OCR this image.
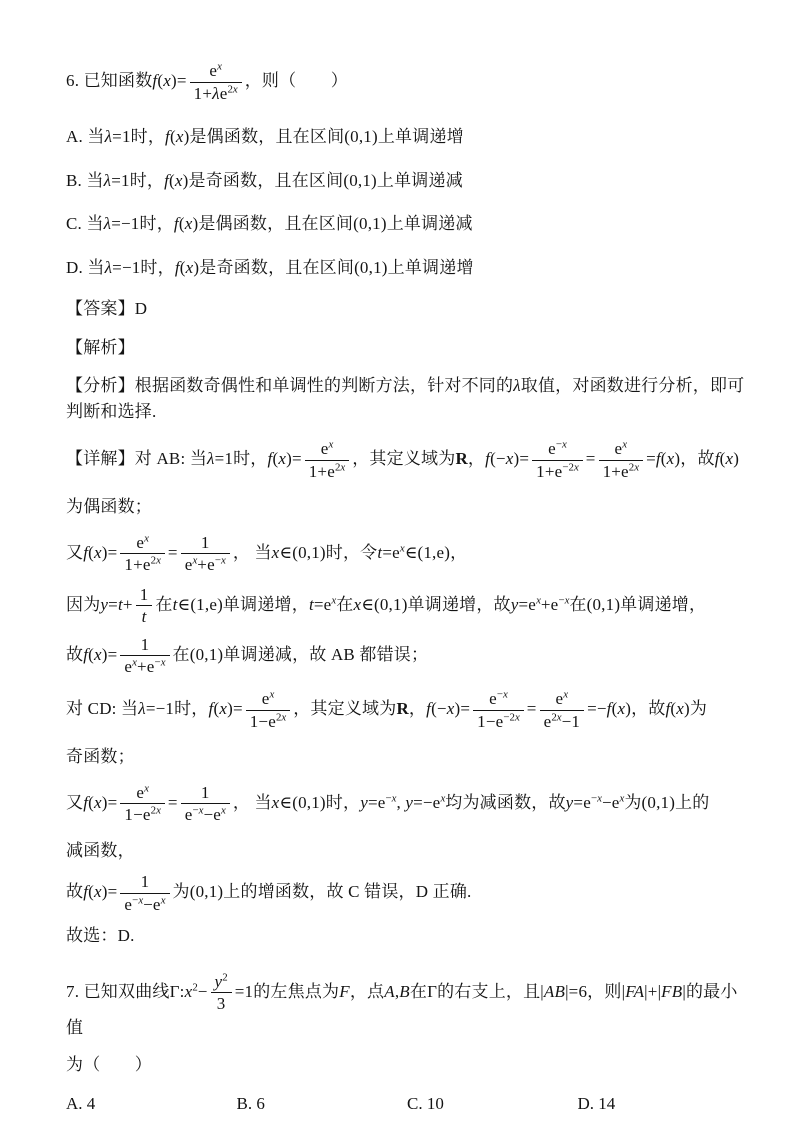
6. 已知函数$f(x)= \frac{e^x}{1+\lambda e^{2x}}$ ，则（　　）

A. 当λ=1时，f(x)是偶函数，且在区间(0,1)上单调递增

B. 当λ=1时，f(x)是奇函数，且在区间(0,1)上单调递减

C. 当λ=−1时，f(x)是偶函数，且在区间(0,1)上单调递减

D. 当λ=−1时，f(x)是奇函数，且在区间(0,1)上单调递增

【答案】D

【解析】

【分析】根据函数奇偶性和单调性的判断方法，针对不同的λ取值，对函数进行分析，即可判断和选择.

【详解】对 AB: 当λ=1时，$f(x)= \frac{e^x}{1+e^{2x}}$ ，其定义域为R，$f(-x)= \frac{e^{-x}}{1+e^{-2x}} = \frac{e^x}{1+e^{2x}} =f(x)$，故f(x)

为偶函数；

又$f(x)= \frac{e^x}{1+e^{2x}} = \frac{1}{e^x+e^{-x}}$ ， 当x∈(0,1)时，令$t=e^x\in(1,e)$，

因为$y=t+ \frac{1}{t}$ 在t∈(1,e)单调递增，$t=e^x$在x∈(0,1)单调递增，故$y=e^x+e^{-x}$在(0,1)单调递增，

故$f(x)= \frac{1}{e^x+e^{-x}}$ 在(0,1)单调递减，故 AB 都错误；

对 CD: 当λ=−1时，$f(x)= \frac{e^x}{1-e^{2x}}$ ，其定义域为R，$f(-x)= \frac{e^{-x}}{1-e^{-2x}} = \frac{e^x}{e^{2x}-1} =-f(x)$，故f(x)为

奇函数；

又$f(x)= \frac{e^x}{1-e^{2x}} = \frac{1}{e^{-x}-e^x}$ ， 当x∈(0,1)时，$y=e^{-x}$, $y=-e^x$均为减函数，故$y=e^{-x}-e^x$为(0,1)上的

减函数，

故$f(x)= \frac{1}{e^{-x}-e^x}$ 为(0,1)上的增函数，故 C 错误，D 正确.

故选：D.

7. 已知双曲线$\Gamma:x^2- \frac{y^2}{3} =1$的左焦点为F，点A,B在Γ的右支上，且|AB|=6，则|FA|+|FB|的最小值

为（　　）

A. 4	B. 6	C. 10	D. 14
